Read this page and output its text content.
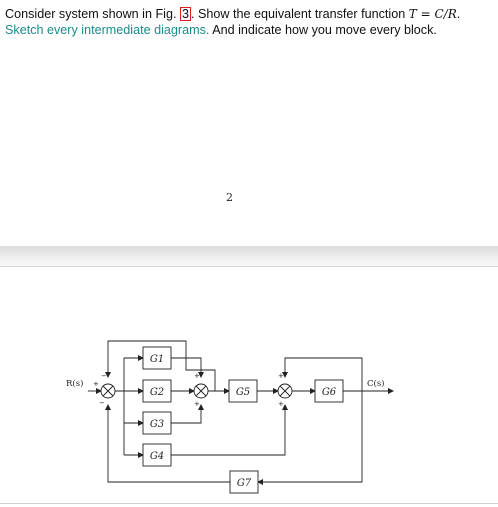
Consider system shown in Fig. 3 . Show the equivalent transfer function T = C/R.
Sketch every intermediate diagrams. And indicate how you move every block.
2
G1
G2
G3
G4
G5	G6
G7
R(s)	C(s)
+
−
−
+
+
+
+
